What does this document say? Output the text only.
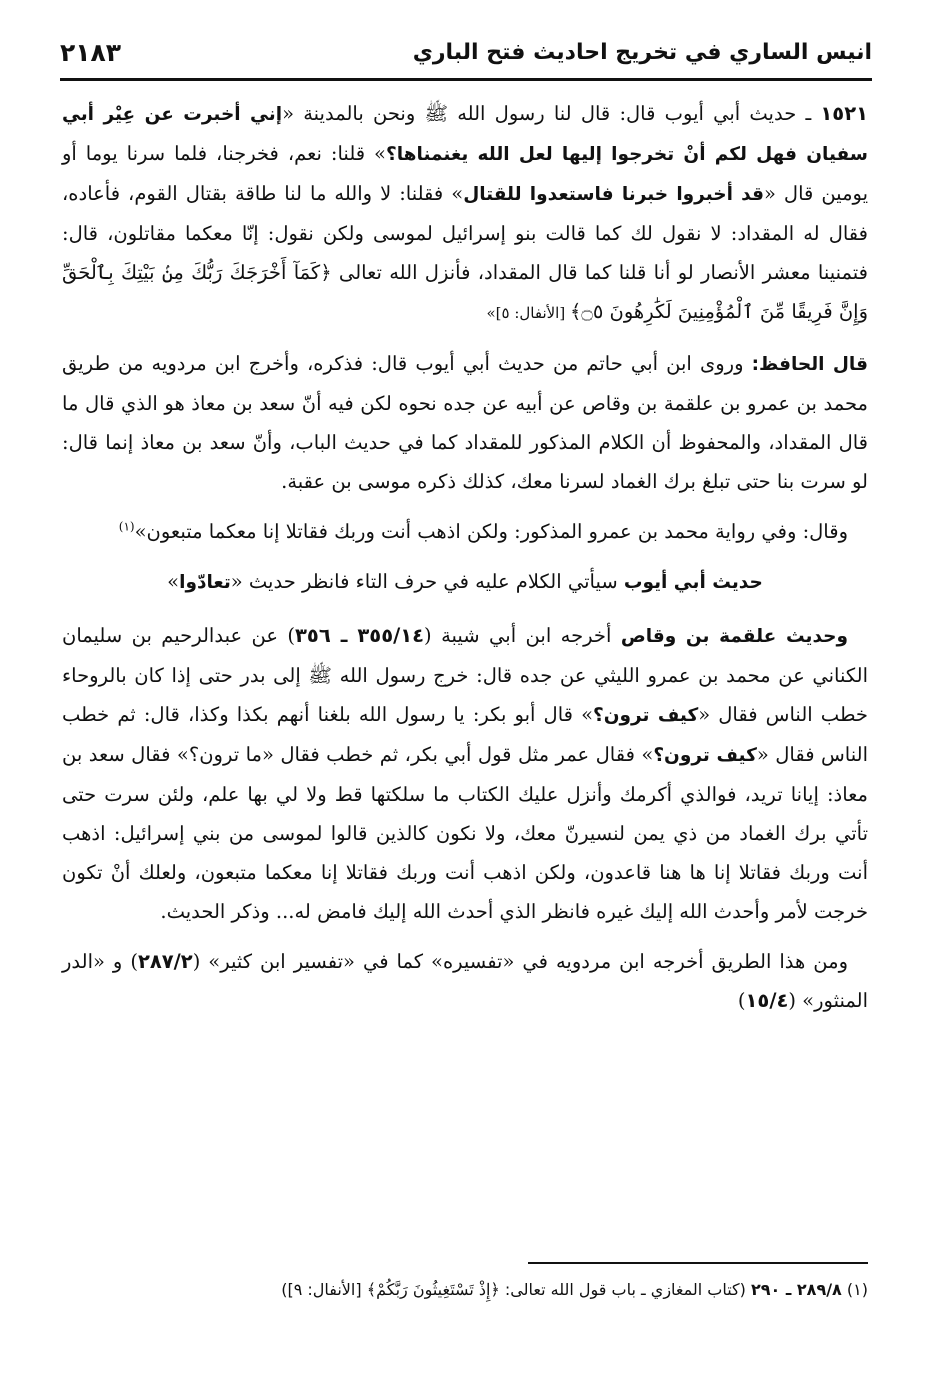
٢١٨٣	انيس الساري في تخريج احاديث فتح الباري

١٥٢١ ـ حديث أبي أيوب قال: قال لنا رسول الله ﷺ ونحن بالمدينة «إني أخبرت عن عِيْر أبي سفيان فهل لكم أنْ تخرجوا إليها لعل الله يغنمناها؟» قلنا: نعم، فخرجنا، فلما سرنا يوما أو يومين قال «قد أخبروا خبرنا فاستعدوا للقتال» فقلنا: لا والله ما لنا طاقة بقتال القوم، فأعاده، فقال له المقداد: لا نقول لك كما قالت بنو إسرائيل لموسى ولكن نقول: إنّا معكما مقاتلون، قال: فتمنينا معشر الأنصار لو أنا قلنا كما قال المقداد، فأنزل الله تعالى ﴿كَمَآ أَخْرَجَكَ رَبُّكَ مِنۢ بَيْتِكَ بِٱلْحَقِّ وَإِنَّ فَرِيقًا مِّنَ ٱلْمُؤْمِنِينَ لَكَٰرِهُونَ ۝٥﴾ [الأنفال: ٥]»

قال الحافظ: وروى ابن أبي حاتم من حديث أبي أيوب قال: فذكره، وأخرج ابن مردويه من طريق محمد بن عمرو بن علقمة بن وقاص عن أبيه عن جده نحوه لكن فيه أنّ سعد بن معاذ هو الذي قال ما قال المقداد، والمحفوظ أن الكلام المذكور للمقداد كما في حديث الباب، وأنّ سعد بن معاذ إنما قال: لو سرت بنا حتى تبلغ برك الغماد لسرنا معك، كذلك ذكره موسى بن عقبة.

وقال: وفي رواية محمد بن عمرو المذكور: ولكن اذهب أنت وربك فقاتلا إنا معكما متبعون»$^{(١)}$

حديث أبي أيوب سيأتي الكلام عليه في حرف التاء فانظر حديث «تعادّوا»

وحديث علقمة بن وقاص أخرجه ابن أبي شيبة (٣٥٥/١٤ ـ ٣٥٦) عن عبدالرحيم بن سليمان الكناني عن محمد بن عمرو الليثي عن جده قال: خرج رسول الله ﷺ إلى بدر حتى إذا كان بالروحاء خطب الناس فقال «كيف ترون؟» قال أبو بكر: يا رسول الله بلغنا أنهم بكذا وكذا، قال: ثم خطب الناس فقال «كيف ترون؟» فقال عمر مثل قول أبي بكر، ثم خطب فقال «ما ترون؟» فقال سعد بن معاذ: إيانا تريد، فوالذي أكرمك وأنزل عليك الكتاب ما سلكتها قط ولا لي بها علم، ولئن سرت حتى تأتي برك الغماد من ذي يمن لنسيرنّ معك، ولا نكون كالذين قالوا لموسى من بني إسرائيل: اذهب أنت وربك فقاتلا إنا ها هنا قاعدون، ولكن اذهب أنت وربك فقاتلا إنا معكما متبعون، ولعلك أنْ تكون خرجت لأمر وأحدث الله إليك غيره فانظر الذي أحدث الله إليك فامض له... وذكر الحديث.

ومن هذا الطريق أخرجه ابن مردويه في «تفسيره» كما في «تفسير ابن كثير» (٢٨٧/٢) و «الدر المنثور» (١٥/٤)

(١) ٢٨٩/٨ ـ ٢٩٠ (كتاب المغازي ـ باب قول الله تعالى: ﴿إِذْ تَسْتَغِيثُونَ رَبَّكُمْ﴾ [الأنفال: ٩])
